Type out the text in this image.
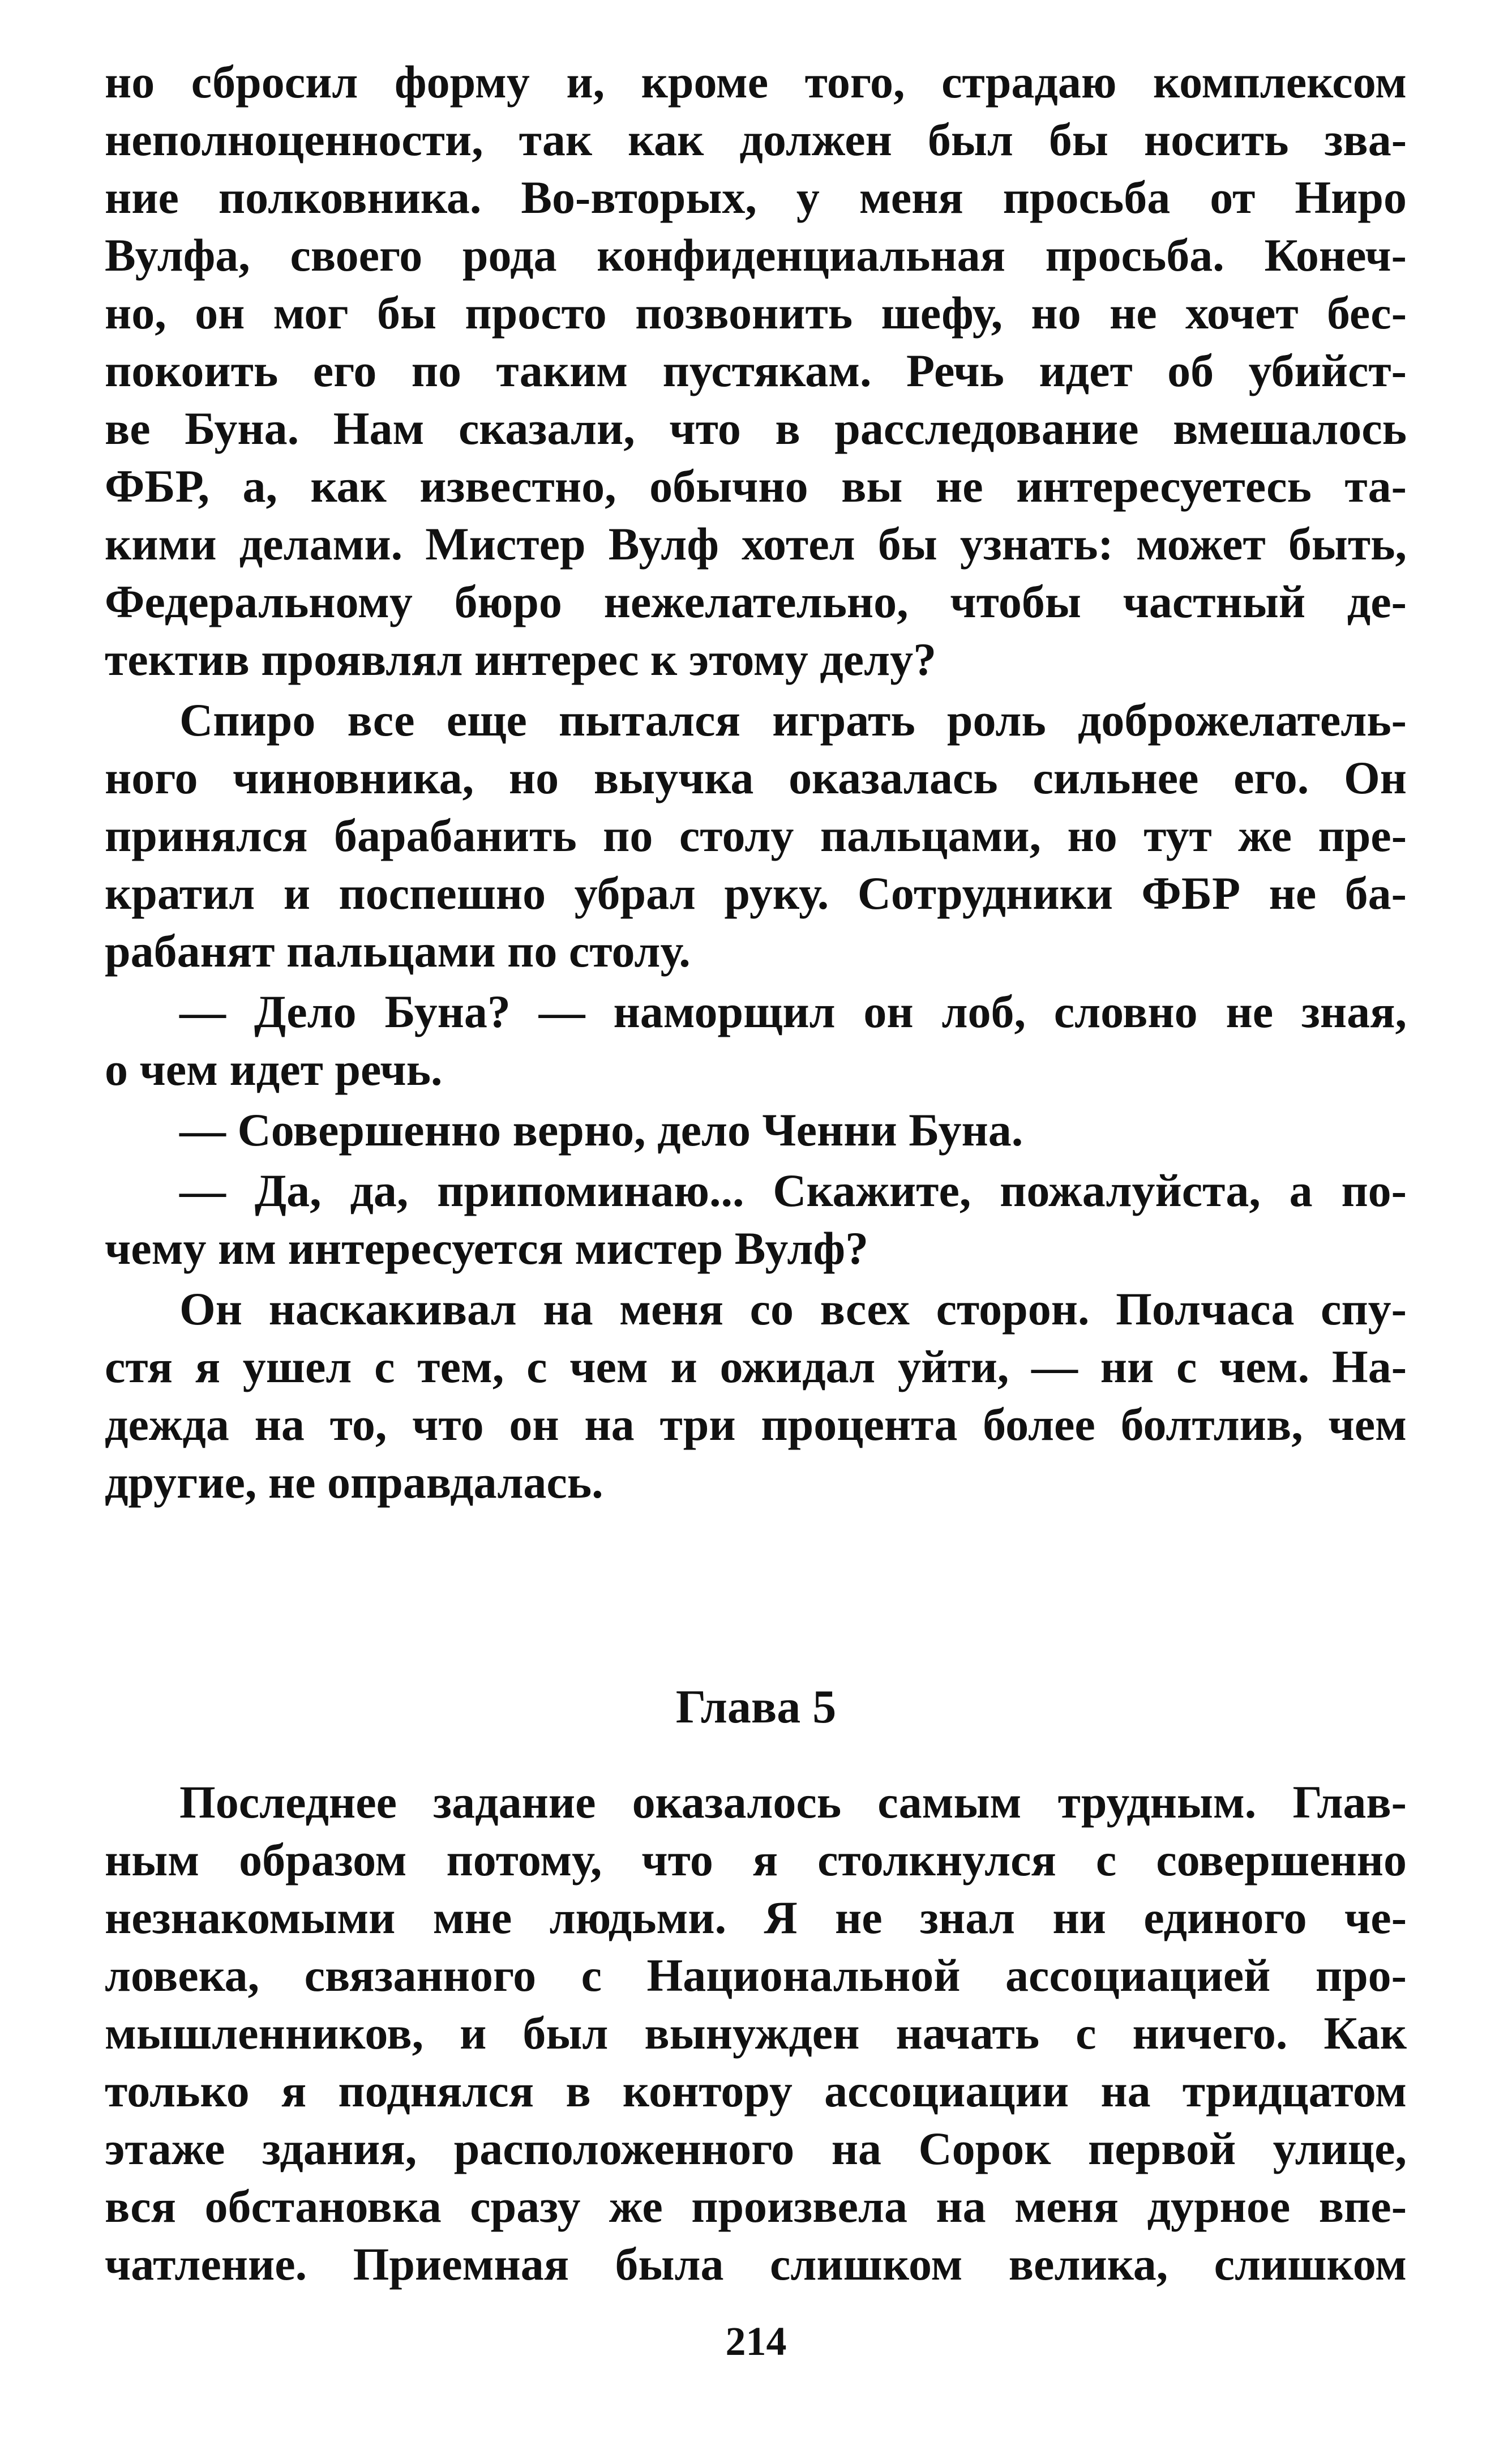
но сбросил форму и, кроме того, страдаю комплексом
неполноценности, так как должен был бы носить зва-
ние полковника. Во-вторых, у меня просьба от Ниро
Вулфа, своего рода конфиденциальная просьба. Конеч-
но, он мог бы просто позвонить шефу, но не хочет бес-
покоить его по таким пустякам. Речь идет об убийст-
ве Буна. Нам сказали, что в расследование вмешалось
ФБР, а, как известно, обычно вы не интересуетесь та-
кими делами. Мистер Вулф хотел бы узнать: может быть,
Федеральному бюро нежелательно, чтобы частный де-
тектив проявлял интерес к этому делу?
Спиро все еще пытался играть роль доброжелатель-
ного чиновника, но выучка оказалась сильнее его. Он
принялся барабанить по столу пальцами, но тут же пре-
кратил и поспешно убрал руку. Сотрудники ФБР не ба-
рабанят пальцами по столу.
— Дело Буна? — наморщил он лоб, словно не зная,
о чем идет речь.
— Совершенно верно, дело Ченни Буна.
— Да, да, припоминаю... Скажите, пожалуйста, а по-
чему им интересуется мистер Вулф?
Он наскакивал на меня со всех сторон. Полчаса спу-
стя я ушел с тем, с чем и ожидал уйти, — ни с чем. На-
дежда на то, что он на три процента более болтлив, чем
другие, не оправдалась.
Глава 5
Последнее задание оказалось самым трудным. Глав-
ным образом потому, что я столкнулся с совершенно
незнакомыми мне людьми. Я не знал ни единого че-
ловека, связанного с Национальной ассоциацией про-
мышленников, и был вынужден начать с ничего. Как
только я поднялся в контору ассоциации на тридцатом
этаже здания, расположенного на Сорок первой улице,
вся обстановка сразу же произвела на меня дурное впе-
чатление. Приемная была слишком велика, слишком
214
